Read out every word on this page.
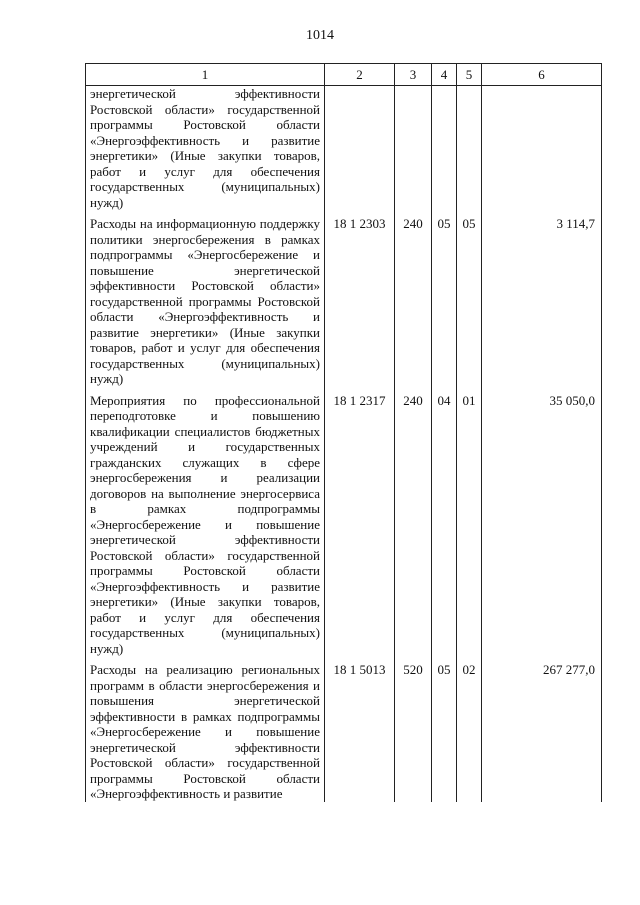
1014
1	2	3	4	5	6
энергетической эффективности Ростовской области» государственной программы Ростовской области «Энергоэффективность и развитие энергетики» (Иные закупки товаров, работ и услуг для обеспечения государственных (муниципальных) нужд)					
Расходы на информационную поддержку политики энергосбережения в рамках подпрограммы «Энергосбережение и повышение энергетической эффективности Ростовской области» государственной программы Ростовской области «Энергоэффективность и развитие энергетики» (Иные закупки товаров, работ и услуг для обеспечения государственных (муниципальных) нужд)	18 1 2303	240	05	05	3 114,7
Мероприятия по профессиональной переподготовке и повышению квалификации специалистов бюджетных учреждений и государственных гражданских служащих в сфере энергосбережения и реализации договоров на выполнение энергосервиса в рамках подпрограммы «Энергосбережение и повышение энергетической эффективности Ростовской области» государственной программы Ростовской области «Энергоэффективность и развитие энергетики» (Иные закупки товаров, работ и услуг для обеспечения государственных (муниципальных) нужд)	18 1 2317	240	04	01	35 050,0
Расходы на реализацию региональных программ в области энергосбережения и повышения энергетической эффективности в рамках подпрограммы «Энергосбережение и повышение энергетической эффективности Ростовской области» государственной программы Ростовской области «Энергоэффективность и развитие	18 1 5013	520	05	02	267 277,0
